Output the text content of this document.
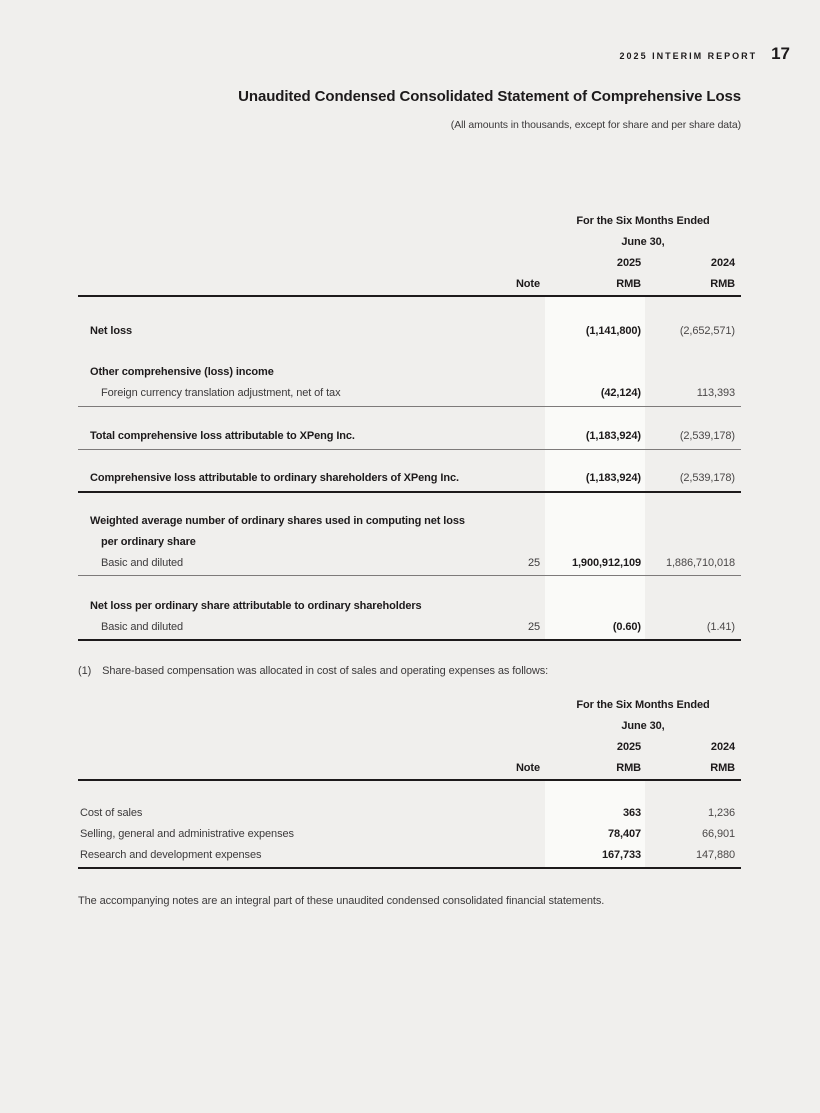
2025 INTERIM REPORT 17
Unaudited Condensed Consolidated Statement of Comprehensive Loss
(All amounts in thousands, except for share and per share data)
For the Six Months Ended
June 30,
2025	2024
Note	RMB	RMB
Net loss	(1,141,800)	(2,652,571)
Other comprehensive (loss) income
Foreign currency translation adjustment, net of tax	(42,124)	113,393
Total comprehensive loss attributable to XPeng Inc.	(1,183,924)	(2,539,178)
Comprehensive loss attributable to ordinary shareholders of XPeng Inc.	(1,183,924)	(2,539,178)
Weighted average number of ordinary shares used in computing net loss
per ordinary share
Basic and diluted	25	1,900,912,109	1,886,710,018
Net loss per ordinary share attributable to ordinary shareholders
Basic and diluted	25	(0.60)	(1.41)
(1) Share-based compensation was allocated in cost of sales and operating expenses as follows:
For the Six Months Ended
June 30,
2025	2024
Note	RMB	RMB
Cost of sales	363	1,236
Selling, general and administrative expenses	78,407	66,901
Research and development expenses	167,733	147,880
The accompanying notes are an integral part of these unaudited condensed consolidated financial statements.
